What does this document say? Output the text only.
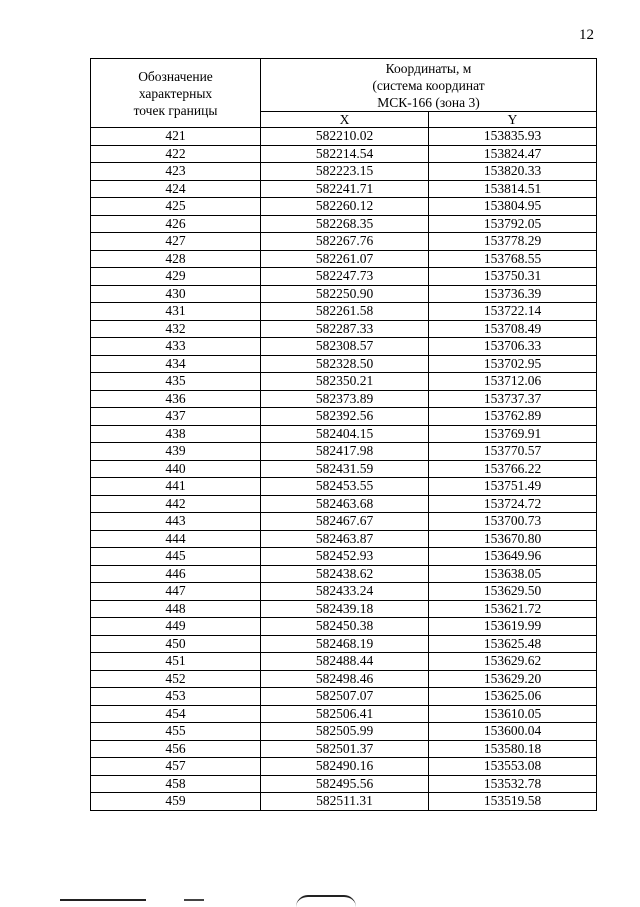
12
Обозначение
характерных
точек границы	Координаты, м
(система координат
МСК-166 (зона 3)	

	X	Y
421	582210.02	153835.93
422	582214.54	153824.47
423	582223.15	153820.33
424	582241.71	153814.51
425	582260.12	153804.95
426	582268.35	153792.05
427	582267.76	153778.29
428	582261.07	153768.55
429	582247.73	153750.31
430	582250.90	153736.39
431	582261.58	153722.14
432	582287.33	153708.49
433	582308.57	153706.33
434	582328.50	153702.95
435	582350.21	153712.06
436	582373.89	153737.37
437	582392.56	153762.89
438	582404.15	153769.91
439	582417.98	153770.57
440	582431.59	153766.22
441	582453.55	153751.49
442	582463.68	153724.72
443	582467.67	153700.73
444	582463.87	153670.80
445	582452.93	153649.96
446	582438.62	153638.05
447	582433.24	153629.50
448	582439.18	153621.72
449	582450.38	153619.99
450	582468.19	153625.48
451	582488.44	153629.62
452	582498.46	153629.20
453	582507.07	153625.06
454	582506.41	153610.05
455	582505.99	153600.04
456	582501.37	153580.18
457	582490.16	153553.08
458	582495.56	153532.78
459	582511.31	153519.58
